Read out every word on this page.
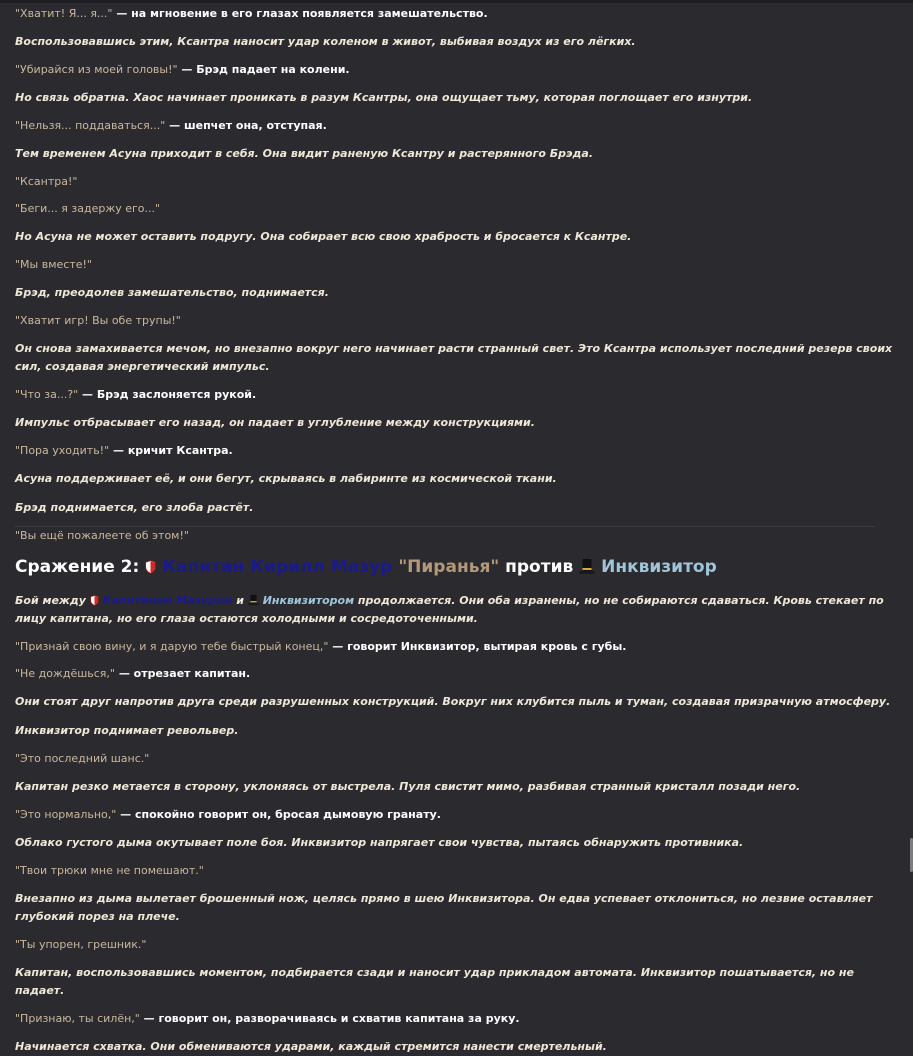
"Хватит! Я... я..." — на мгновение в его глазах появляется замешательство.
Воспользовавшись этим, Ксантра наносит удар коленом в живот, выбивая воздух из его лёгких.
"Убирайся из моей головы!" — Брэд падает на колени.
Но связь обратна. Хаос начинает проникать в разум Ксантры, она ощущает тьму, которая поглощает его изнутри.
"Нельзя... поддаваться..." — шепчет она, отступая.
Тем временем Асуна приходит в себя. Она видит раненую Ксантру и растерянного Брэда.
"Ксантра!"
"Беги... я задержу его..."
Но Асуна не может оставить подругу. Она собирает всю свою храбрость и бросается к Ксантре.
"Мы вместе!"
Брэд, преодолев замешательство, поднимается.
"Хватит игр! Вы обе трупы!"
Он снова замахивается мечом, но внезапно вокруг него начинает расти странный свет. Это Ксантра использует последний резерв своих сил, создавая энергетический импульс.
"Что за...?" — Брэд заслоняется рукой.
Импульс отбрасывает его назад, он падает в углубление между конструкциями.
"Пора уходить!" — кричит Ксантра.
Асуна поддерживает её, и они бегут, скрываясь в лабиринте из космической ткани.
Брэд поднимается, его злоба растёт.
"Вы ещё пожалеете об этом!"
Сражение 2:  Капитан Кирилл Мазур "Пиранья" против  Инквизитор
Бой между  Капитаном Мазуром и  Инквизитором продолжается. Они оба изранены, но не собираются сдаваться. Кровь стекает по лицу капитана, но его глаза остаются холодными и сосредоточенными.
"Признай свою вину, и я дарую тебе быстрый конец," — говорит Инквизитор, вытирая кровь с губы.
"Не дождёшься," — отрезает капитан.
Они стоят друг напротив друга среди разрушенных конструкций. Вокруг них клубится пыль и туман, создавая призрачную атмосферу.
Инквизитор поднимает револьвер.
"Это последний шанс."
Капитан резко метается в сторону, уклоняясь от выстрела. Пуля свистит мимо, разбивая странный кристалл позади него.
"Это нормально," — спокойно говорит он, бросая дымовую гранату.
Облако густого дыма окутывает поле боя. Инквизитор напрягает свои чувства, пытаясь обнаружить противника.
"Твои трюки мне не помешают."
Внезапно из дыма вылетает брошенный нож, целясь прямо в шею Инквизитора. Он едва успевает отклониться, но лезвие оставляет глубокий порез на плече.
"Ты упорен, грешник."
Капитан, воспользовавшись моментом, подбирается сзади и наносит удар прикладом автомата. Инквизитор пошатывается, но не падает.
"Признаю, ты силён," — говорит он, разворачиваясь и схватив капитана за руку.
Начинается схватка. Они обмениваются ударами, каждый стремится нанести смертельный.
